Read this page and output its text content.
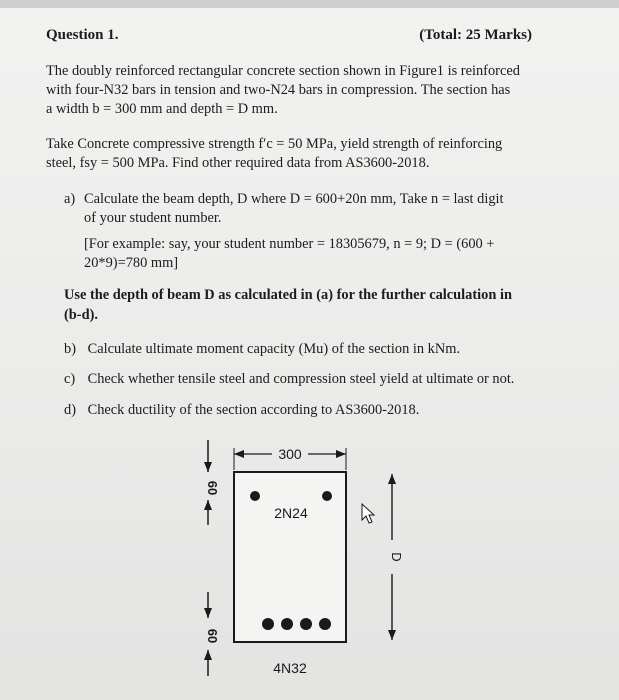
Question 1.	(Total: 25 Marks)
The doubly reinforced rectangular concrete section shown in Figure1 is reinforced
with four-N32 bars in tension and two-N24 bars in compression. The section has
a width b = 300 mm and depth = D mm.
Take Concrete compressive strength f′c = 50 MPa, yield strength of reinforcing
steel, fsy = 500 MPa. Find other required data from AS3600-2018.
a) Calculate the beam depth, D where D = 600+20n mm, Take n = last digit
of your student number.
[For example: say, your student number = 18305679, n = 9; D = (600 +
20*9)=780 mm]
Use the depth of beam D as calculated in (a) for the further calculation in
(b-d).
b) Calculate ultimate moment capacity (Mu) of the section in kNm.
c) Check whether tensile steel and compression steel yield at ultimate or not.
d) Check ductility of the section according to AS3600-2018.
300
2N24
4N32
60
60
D
